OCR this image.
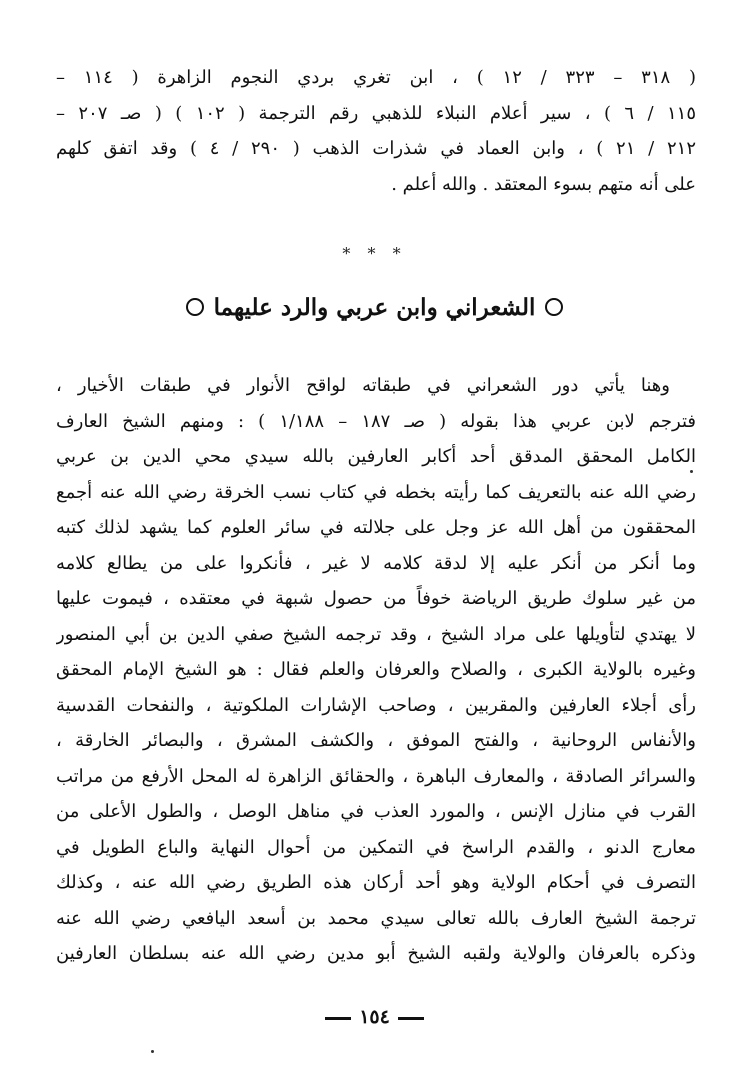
( ٣١٨ – ٣٢٣ / ١٢ ) ، ابن تغري بردي النجوم الزاهرة ( ١١٤ –
١١٥ / ٦ ) ، سير أعلام النبلاء للذهبي رقم الترجمة ( ١٠٢ ) ( صـ ٢٠٧ –
٢١٢ / ٢١ ) ، وابن العماد في شذرات الذهب ( ٢٩٠ / ٤ ) وقد اتفق كلهم
على أنه متهم بسوء المعتقد . والله أعلم .
* * *
الشعراني وابن عربي والرد عليهما
وهنا يأتي دور الشعراني في طبقاته لواقح الأنوار في طبقات الأخيار ،
فترجم لابن عربي هذا بقوله ( صـ ١٨٧ – ١/١٨٨ ) : ومنهم الشيخ العارف
الكامل المحقق المدقق أحد أكابر العارفين بالله سيدي محي الدين بن عربي
رضي الله عنه بالتعريف كما رأيته بخطه في كتاب نسب الخرقة رضي الله عنه أجمع
المحققون من أهل الله عز وجل على جلالته في سائر العلوم كما يشهد لذلك كتبه
وما أنكر من أنكر عليه إلا لدقة كلامه لا غير ، فأنكروا على من يطالع كلامه
من غير سلوك طريق الرياضة خوفاً من حصول شبهة في معتقده ، فيموت عليها
لا يهتدي لتأويلها على مراد الشيخ ، وقد ترجمه الشيخ صفي الدين بن أبي المنصور
وغيره بالولاية الكبرى ، والصلاح والعرفان والعلم فقال : هو الشيخ الإمام المحقق
رأى أجلاء العارفين والمقربين ، وصاحب الإشارات الملكوتية ، والنفحات القدسية
والأنفاس الروحانية ، والفتح الموفق ، والكشف المشرق ، والبصائر الخارقة ،
والسرائر الصادقة ، والمعارف الباهرة ، والحقائق الزاهرة له المحل الأرفع من مراتب
القرب في منازل الإنس ، والمورد العذب في مناهل الوصل ، والطول الأعلى من
معارج الدنو ، والقدم الراسخ في التمكين من أحوال النهاية والباع الطويل في
التصرف في أحكام الولاية وهو أحد أركان هذه الطريق رضي الله عنه ، وكذلك
ترجمة الشيخ العارف بالله تعالى سيدي محمد بن أسعد اليافعي رضي الله عنه
وذكره بالعرفان والولاية ولقبه الشيخ أبو مدين رضي الله عنه بسلطان العارفين
١٥٤
